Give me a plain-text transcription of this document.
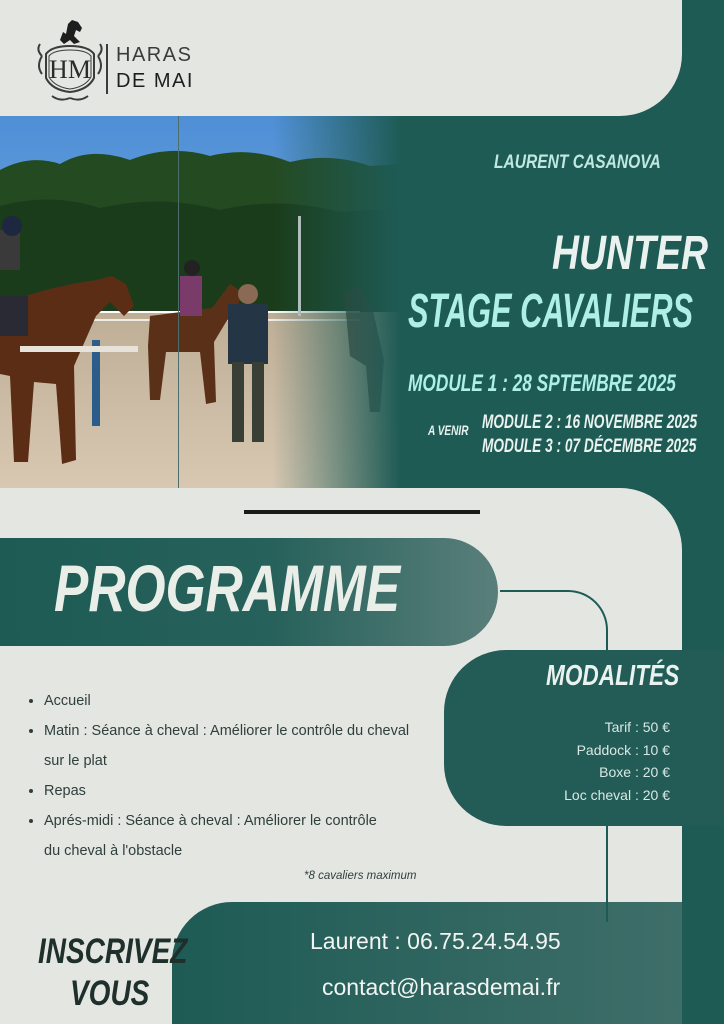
HM HARAS
DE MAI
LAURENT CASANOVA
HUNTER
STAGE CAVALIERS
MODULE 1 : 28 SPTEMBRE 2025
A VENIR MODULE 2 : 16 NOVEMBRE 2025
MODULE 3 : 07 DÉCEMBRE 2025
PROGRAMME
• Accueil
• Matin : Séance à cheval : Améliorer le contrôle du cheval
sur le plat
• Repas
• Aprés-midi : Séance à cheval : Améliorer le contrôle
du cheval à l'obstacle
*8 cavaliers maximum
MODALITÉS
Tarif : 50 €
Paddock : 10 €
Boxe : 20 €
Loc cheval : 20 €
INSCRIVEZ
VOUS
Laurent : 06.75.24.54.95
contact@harasdemai.fr
